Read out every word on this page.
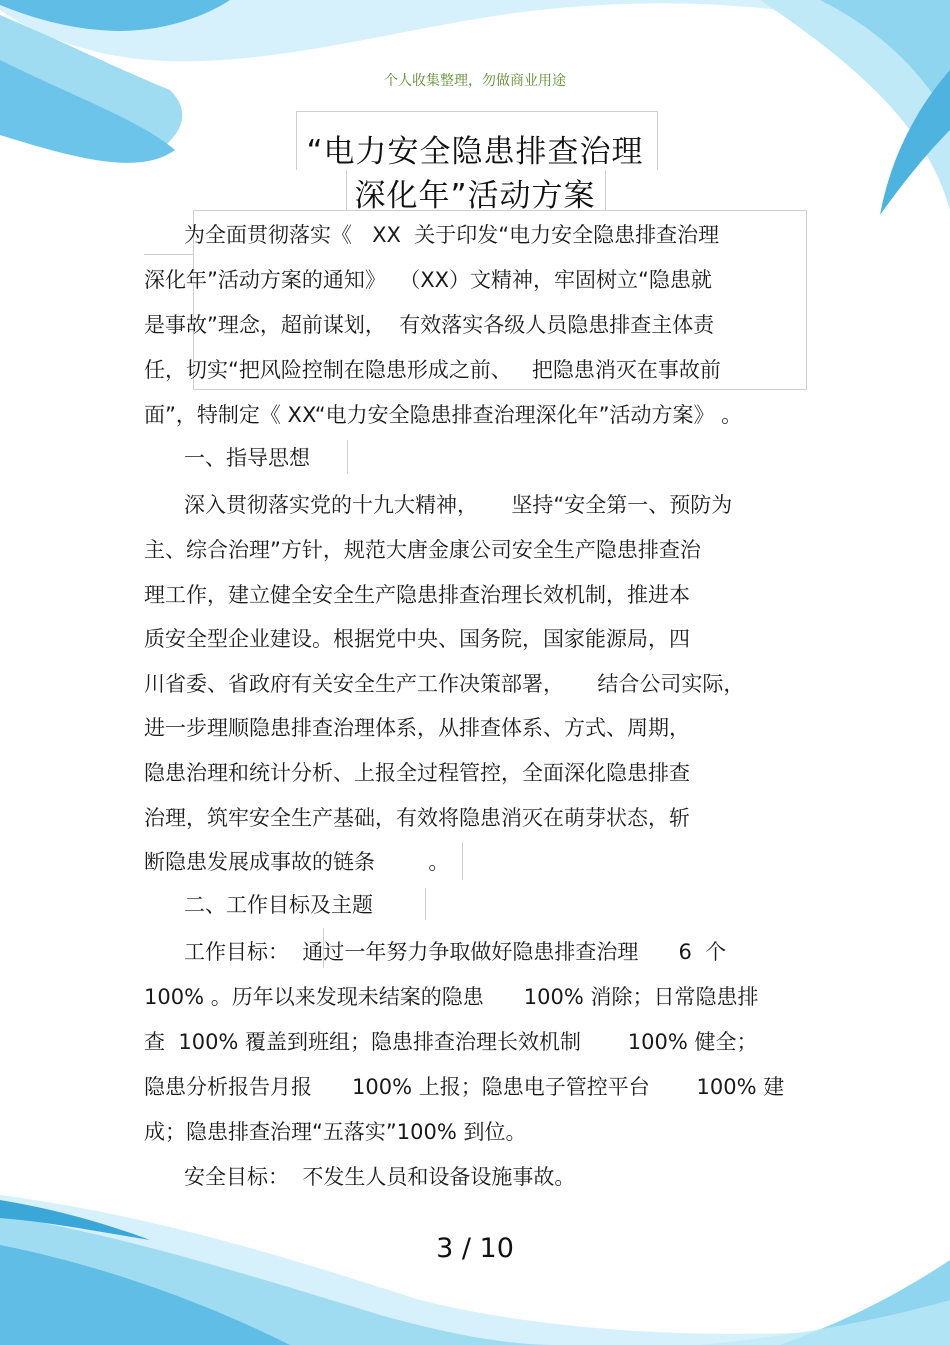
个人收集整理，勿做商业用途
“电力安全隐患排查治理
深化年”活动方案
为全面贯彻落实《   XX  关于印发“电力安全隐患排查治理
深化年”活动方案的通知》  （XX）文精神，牢固树立“隐患就
是事故”理念，超前谋划，  有效落实各级人员隐患排查主体责
任，切实“把风险控制在隐患形成之前、   把隐患消灭在事故前
面”，特制定《 XX“电力安全隐患排查治理深化年”活动方案》 。
一、指导思想
深入贯彻落实党的十九大精神，     坚持“安全第一、预防为
主、综合治理”方针，规范大唐金康公司安全生产隐患排查治
理工作，建立健全安全生产隐患排查治理长效机制，推进本
质安全型企业建设。根据党中央、国务院，国家能源局，四
川省委、省政府有关安全生产工作决策部署，     结合公司实际，
进一步理顺隐患排查治理体系，从排查体系、方式、周期，
隐患治理和统计分析、上报全过程管控，全面深化隐患排查
治理，筑牢安全生产基础，有效将隐患消灭在萌芽状态，斩
断隐患发展成事故的链条        。
二、工作目标及主题
工作目标：  通过一年努力争取做好隐患排查治理      6  个
100% 。历年以来发现未结案的隐患      100% 消除；日常隐患排
查  100% 覆盖到班组；隐患排查治理长效机制       100% 健全；
隐患分析报告月报      100% 上报；隐患电子管控平台       100% 建
成；隐患排查治理“五落实”100% 到位。
安全目标：  不发生人员和设备设施事故。
3 / 10
